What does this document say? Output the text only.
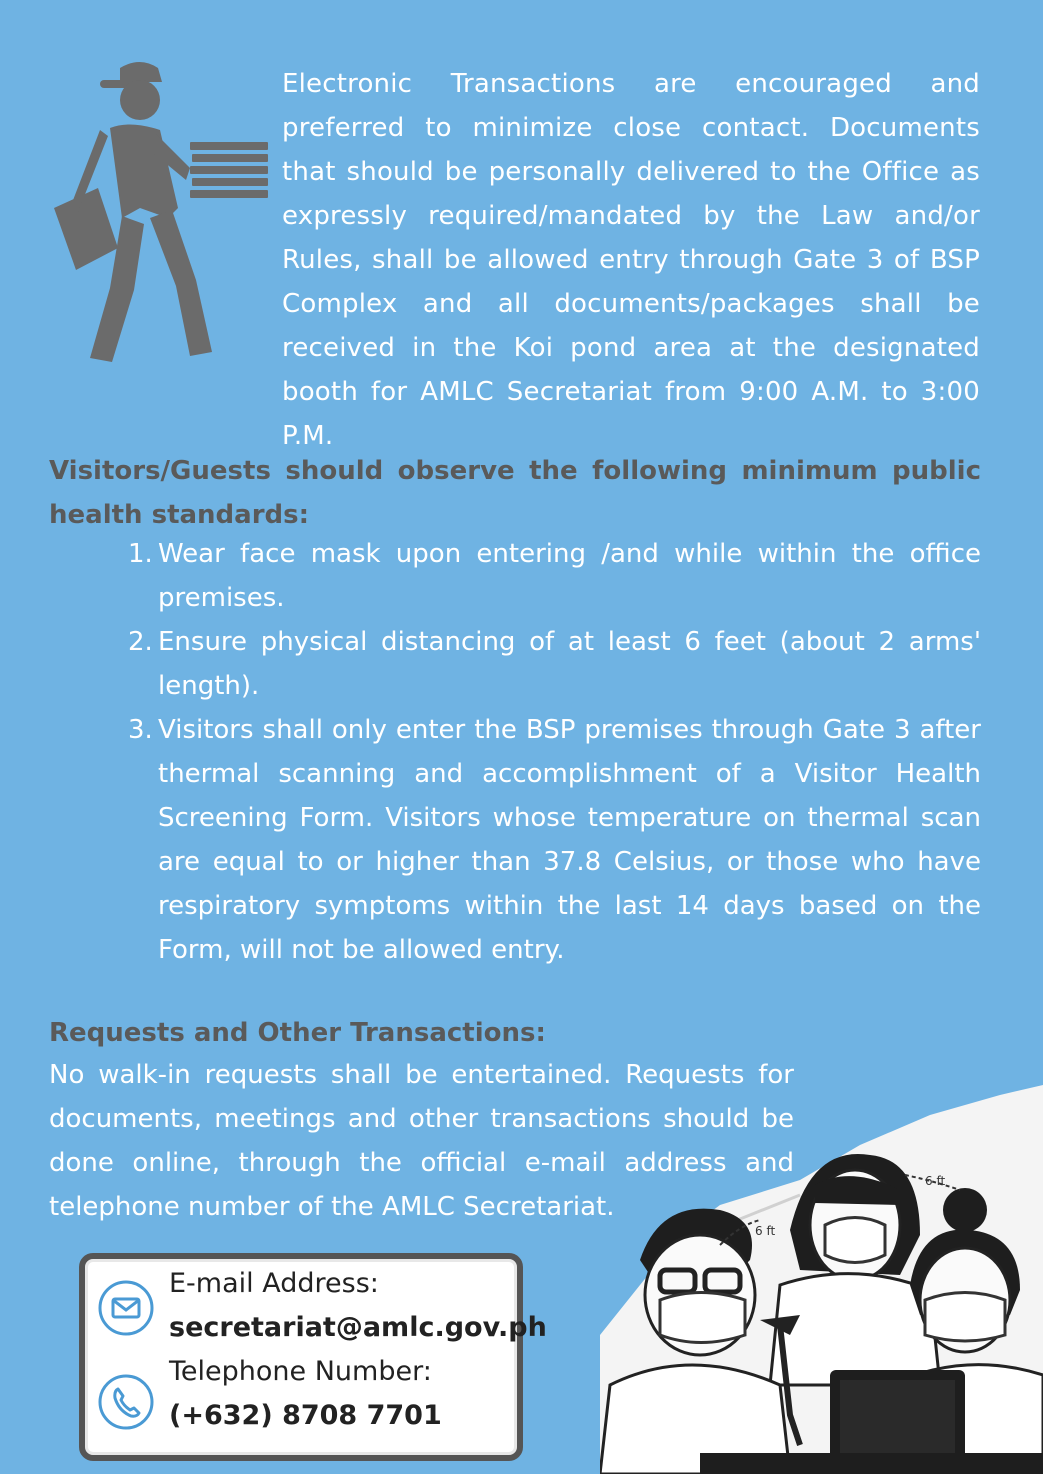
Electronic Transactions are encouraged and preferred to minimize close contact. Documents that should be personally delivered to the Office as expressly required/mandated by the Law and/or Rules, shall be allowed entry through Gate 3 of BSP Complex and all documents/packages shall be received in the Koi pond area at the designated booth for AMLC Secretariat from 9:00 A.M. to 3:00 P.M.
Visitors/Guests should observe the following minimum public health standards:

1. Wear face mask upon entering /and while within the office premises.

2. Ensure physical distancing of at least 6 feet (about 2 arms' length).

3. Visitors shall only enter the BSP premises through Gate 3 after thermal scanning and accomplishment of a Visitor Health Screening Form. Visitors whose temperature on thermal scan are equal to or higher than 37.8 Celsius, or those who have respiratory symptoms within the last 14 days based on the Form, will not be allowed entry.

Requests and Other Transactions:
No walk-in requests shall be entertained. Requests for documents, meetings and other transactions should be done online, through the official e-mail address and telephone number of the AMLC Secretariat.
6 ft
6 ft
E-mail Address:
secretariat@amlc.gov.ph
Telephone Number:
(+632) 8708 7701
